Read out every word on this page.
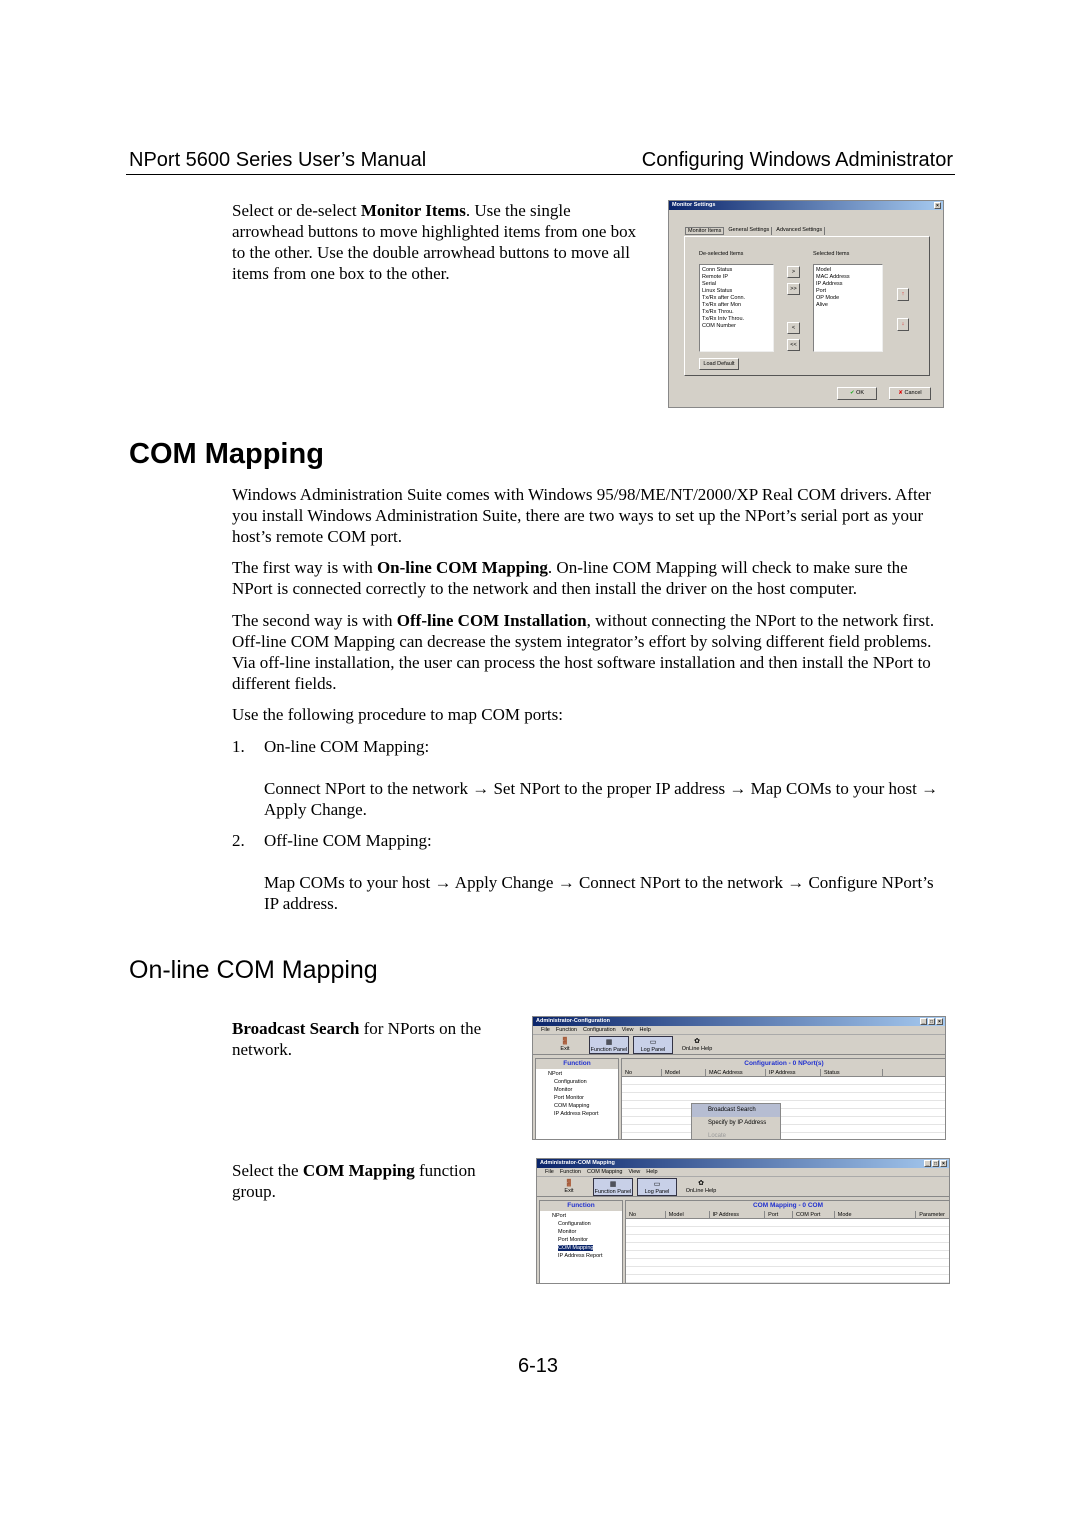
NPort 5600 Series User’s Manual	Configuring Windows Administrator
Select or de-select Monitor Items. Use the single arrowhead buttons to move highlighted items from one box to the other. Use the double arrowhead buttons to move all items from one box to the other.
Monitor Settings	×
Monitor Items	General Settings	Advanced Settings
De-selected Items	Selected Items
Conn Status
Remote IP
Serial
Linux Status
Tx/Rx after Conn.
Tx/Rx after Mon
Tx/Rx Throu.
Tx/Rx Intv Throu.
COM Number
Model
MAC Address
IP Address
Port
OP Mode
Alive
>
>>
<
<<
↑
↓
Load Default
✔ OK	✘ Cancel
COM Mapping
Windows Administration Suite comes with Windows 95/98/ME/NT/2000/XP Real COM drivers. After you install Windows Administration Suite, there are two ways to set up the NPort’s serial port as your host’s remote COM port.
The first way is with On-line COM Mapping. On-line COM Mapping will check to make sure the NPort is connected correctly to the network and then install the driver on the host computer.
The second way is with Off-line COM Installation, without connecting the NPort to the network first. Off-line COM Mapping can decrease the system integrator’s effort by solving different field problems. Via off-line installation, the user can process the host software installation and then install the NPort to different fields.
Use the following procedure to map COM ports:
1. On-line COM Mapping:
Connect NPort to the network → Set NPort to the proper IP address → Map COMs to your host → Apply Change.
2. Off-line COM Mapping:
Map COMs to your host → Apply Change → Connect NPort to the network → Configure NPort’s IP address.
On-line COM Mapping
Broadcast Search for NPorts on the network.
Select the COM Mapping function group.
Administrator-Configuration	_	□	×
File Function Configuration View Help
🚪
Exit
▦
Function Panel
▭
Log Panel
✿
OnLine Help
Function
NPort
Configuration
Monitor
Port Monitor
COM Mapping
IP Address Report
Configuration - 0 NPort(s)
No	Model	MAC Address	IP Address	Status
Broadcast Search
Specify by IP Address
Locate
Administrator-COM Mapping	_	□	×
File Function COM Mapping View Help
🚪
Exit
▦
Function Panel
▭
Log Panel
✿
OnLine Help
Function
NPort
Configuration
Monitor
Port Monitor
COM Mapping
IP Address Report
COM Mapping - 0 COM
No	Model	IP Address	Port	COM Port	Mode	Parameter
6-13
